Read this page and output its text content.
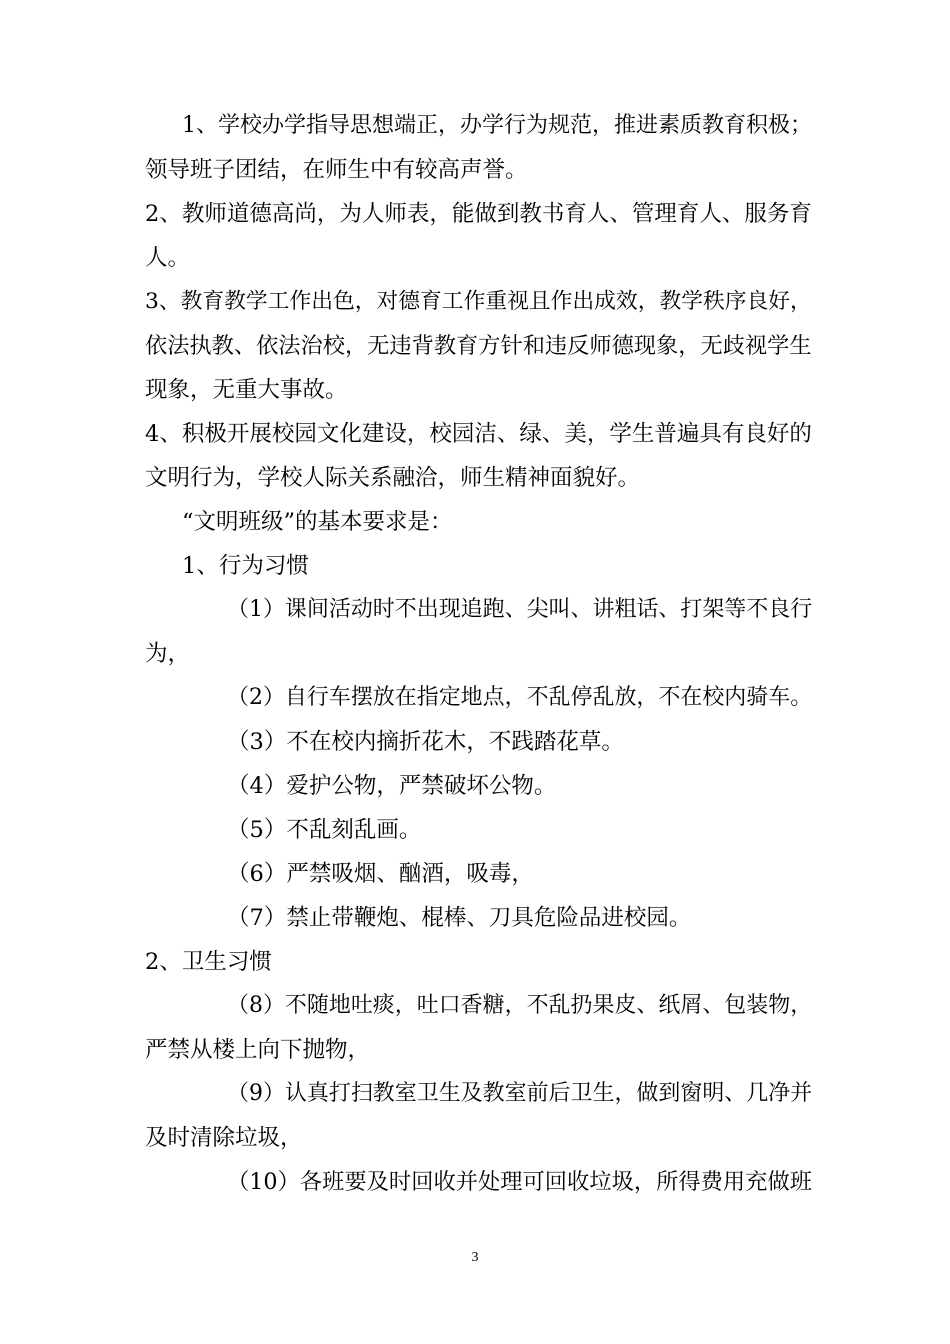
1、学校办学指导思想端正，办学行为规范，推进素质教育积极；
领导班子团结，在师生中有较高声誉。
2、教师道德高尚，为人师表，能做到教书育人、管理育人、服务育
人。
3、教育教学工作出色，对德育工作重视且作出成效，教学秩序良好，
依法执教、依法治校，无违背教育方针和违反师德现象，无歧视学生
现象，无重大事故。
4、积极开展校园文化建设，校园洁、绿、美，学生普遍具有良好的
文明行为，学校人际关系融洽，师生精神面貌好。
“文明班级”的基本要求是：
1、行为习惯
（1）课间活动时不出现追跑、尖叫、讲粗话、打架等不良行
为，
（2）自行车摆放在指定地点，不乱停乱放，不在校内骑车。
（3）不在校内摘折花木，不践踏花草。
（4）爱护公物，严禁破坏公物。
（5）不乱刻乱画。
（6）严禁吸烟、酗酒，吸毒，
（7）禁止带鞭炮、棍棒、刀具危险品进校园。
2、卫生习惯
（8）不随地吐痰，吐口香糖，不乱扔果皮、纸屑、包装物，
严禁从楼上向下抛物，
（9）认真打扫教室卫生及教室前后卫生，做到窗明、几净并
及时清除垃圾，
（10）各班要及时回收并处理可回收垃圾，所得费用充做班
3
